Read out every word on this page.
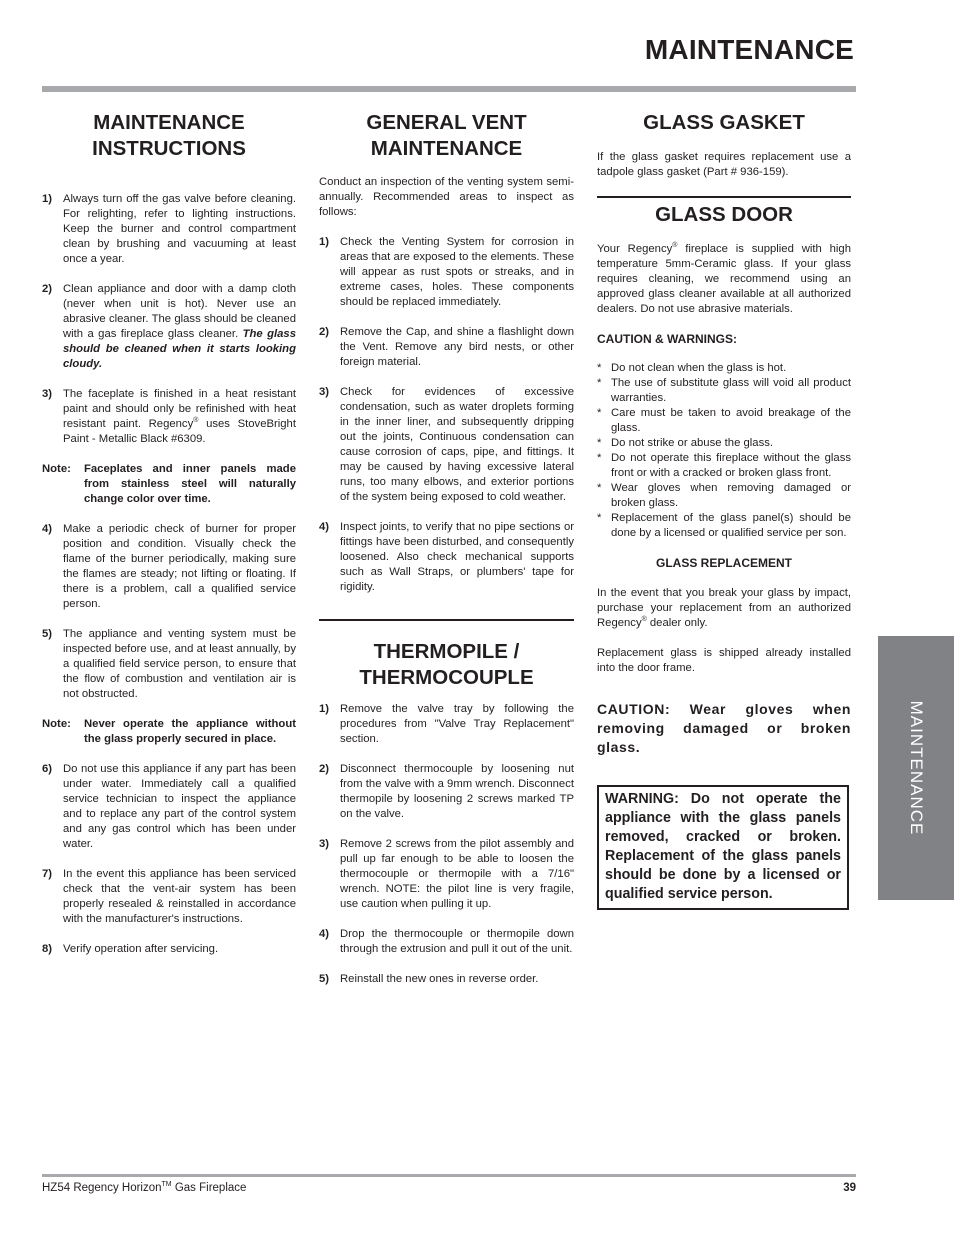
MAINTENANCE
MAINTENANCE
INSTRUCTIONS
1) Always turn off the gas valve before cleaning. For relighting, refer to lighting instructions. Keep the burner and control compartment clean by brushing and vacuuming at least once a year.
2) Clean appliance and door with a damp cloth (never when unit is hot). Never use an abrasive cleaner. The glass should be cleaned with a gas fireplace glass cleaner. The glass should be cleaned when it starts looking cloudy.
3) The faceplate is finished in a heat resistant paint and should only be refinished with heat resistant paint. Regency® uses StoveBright Paint - Metallic Black #6309.
Note:	Faceplates and inner panels made from stainless steel will naturally change color over time.
4) Make a periodic check of burner for proper position and condition. Visually check the flame of the burner periodically, making sure the flames are steady; not lifting or floating. If there is a problem, call a qualified service person.
5) The appliance and venting system must be inspected before use, and at least annually, by a qualified field service person, to ensure that the flow of combustion and ventilation air is not obstructed.
Note:	Never operate the appliance without the glass properly secured in place.
6) Do not use this appliance if any part has been under water. Immediately call a qualified service technician to inspect the appliance and to replace any part of the control system and any gas control which has been under water.
7) In the event this appliance has been serviced check that the vent-air system has been properly resealed & reinstalled in accordance with the manufacturer's instructions.
8) Verify operation after servicing.
GENERAL VENT
MAINTENANCE

Conduct an inspection of the venting system semi-annually. Recommended areas to inspect as follows:

1) Check the Venting System for corrosion in areas that are exposed to the elements. These will appear as rust spots or streaks, and in extreme cases, holes. These components should be replaced immediately.
2) Remove the Cap, and shine a flashlight down the Vent. Remove any bird nests, or other foreign material.
3) Check for evidences of excessive condensation, such as water droplets forming in the inner liner, and subsequently dripping out the joints, Continuous condensation can cause corrosion of caps, pipe, and fittings. It may be caused by having excessive lateral runs, too many elbows, and exterior portions of the system being exposed to cold weather.
4) Inspect joints, to verify that no pipe sections or fittings have been disturbed, and consequently loosened. Also check mechanical supports such as Wall Straps, or plumbers' tape for rigidity.
THERMOPILE /
THERMOCOUPLE
1) Remove the valve tray by following the procedures from "Valve Tray Replacement" section.
2) Disconnect thermocouple by loosening nut from the valve with a 9mm wrench. Disconnect thermopile by loosening 2 screws marked TP on the valve.
3) Remove 2 screws from the pilot assembly and pull up far enough to be able to loosen the thermocouple or thermopile with a 7/16" wrench. NOTE: the pilot line is very fragile, use caution when pulling it up.
4) Drop the thermocouple or thermopile down through the extrusion and pull it out of the unit.
5) Reinstall the new ones in reverse order.
GLASS GASKET

If the glass gasket requires replacement use a tadpole glass gasket (Part # 936-159).

GLASS DOOR

Your Regency® fireplace is supplied with high temperature 5mm-Ceramic glass. If your glass requires cleaning, we recommend using an approved glass cleaner available at all authorized dealers. Do not use abrasive materials.

CAUTION & WARNINGS:

* Do not clean when the glass is hot.
* The use of substitute glass will void all product warranties.
* Care must be taken to avoid breakage of the glass.
* Do not strike or abuse the glass.
* Do not operate this fireplace without the glass front or with a cracked or broken glass front.
* Wear gloves when removing damaged or broken glass.
* Replacement of the glass panel(s) should be done by a licensed or qualified service per son.

GLASS REPLACEMENT

In the event that you break your glass by impact, purchase your replacement from an authorized Regency® dealer only.

Replacement glass is shipped already installed into the door frame.

CAUTION: Wear gloves when removing damaged or broken glass.

WARNING: Do not operate the appliance with the glass panels removed, cracked or broken. Replacement of the glass panels should be done by a licensed or qualified service person.
MAINTENANCE
HZ54 Regency Horizon™ Gas Fireplace	39
